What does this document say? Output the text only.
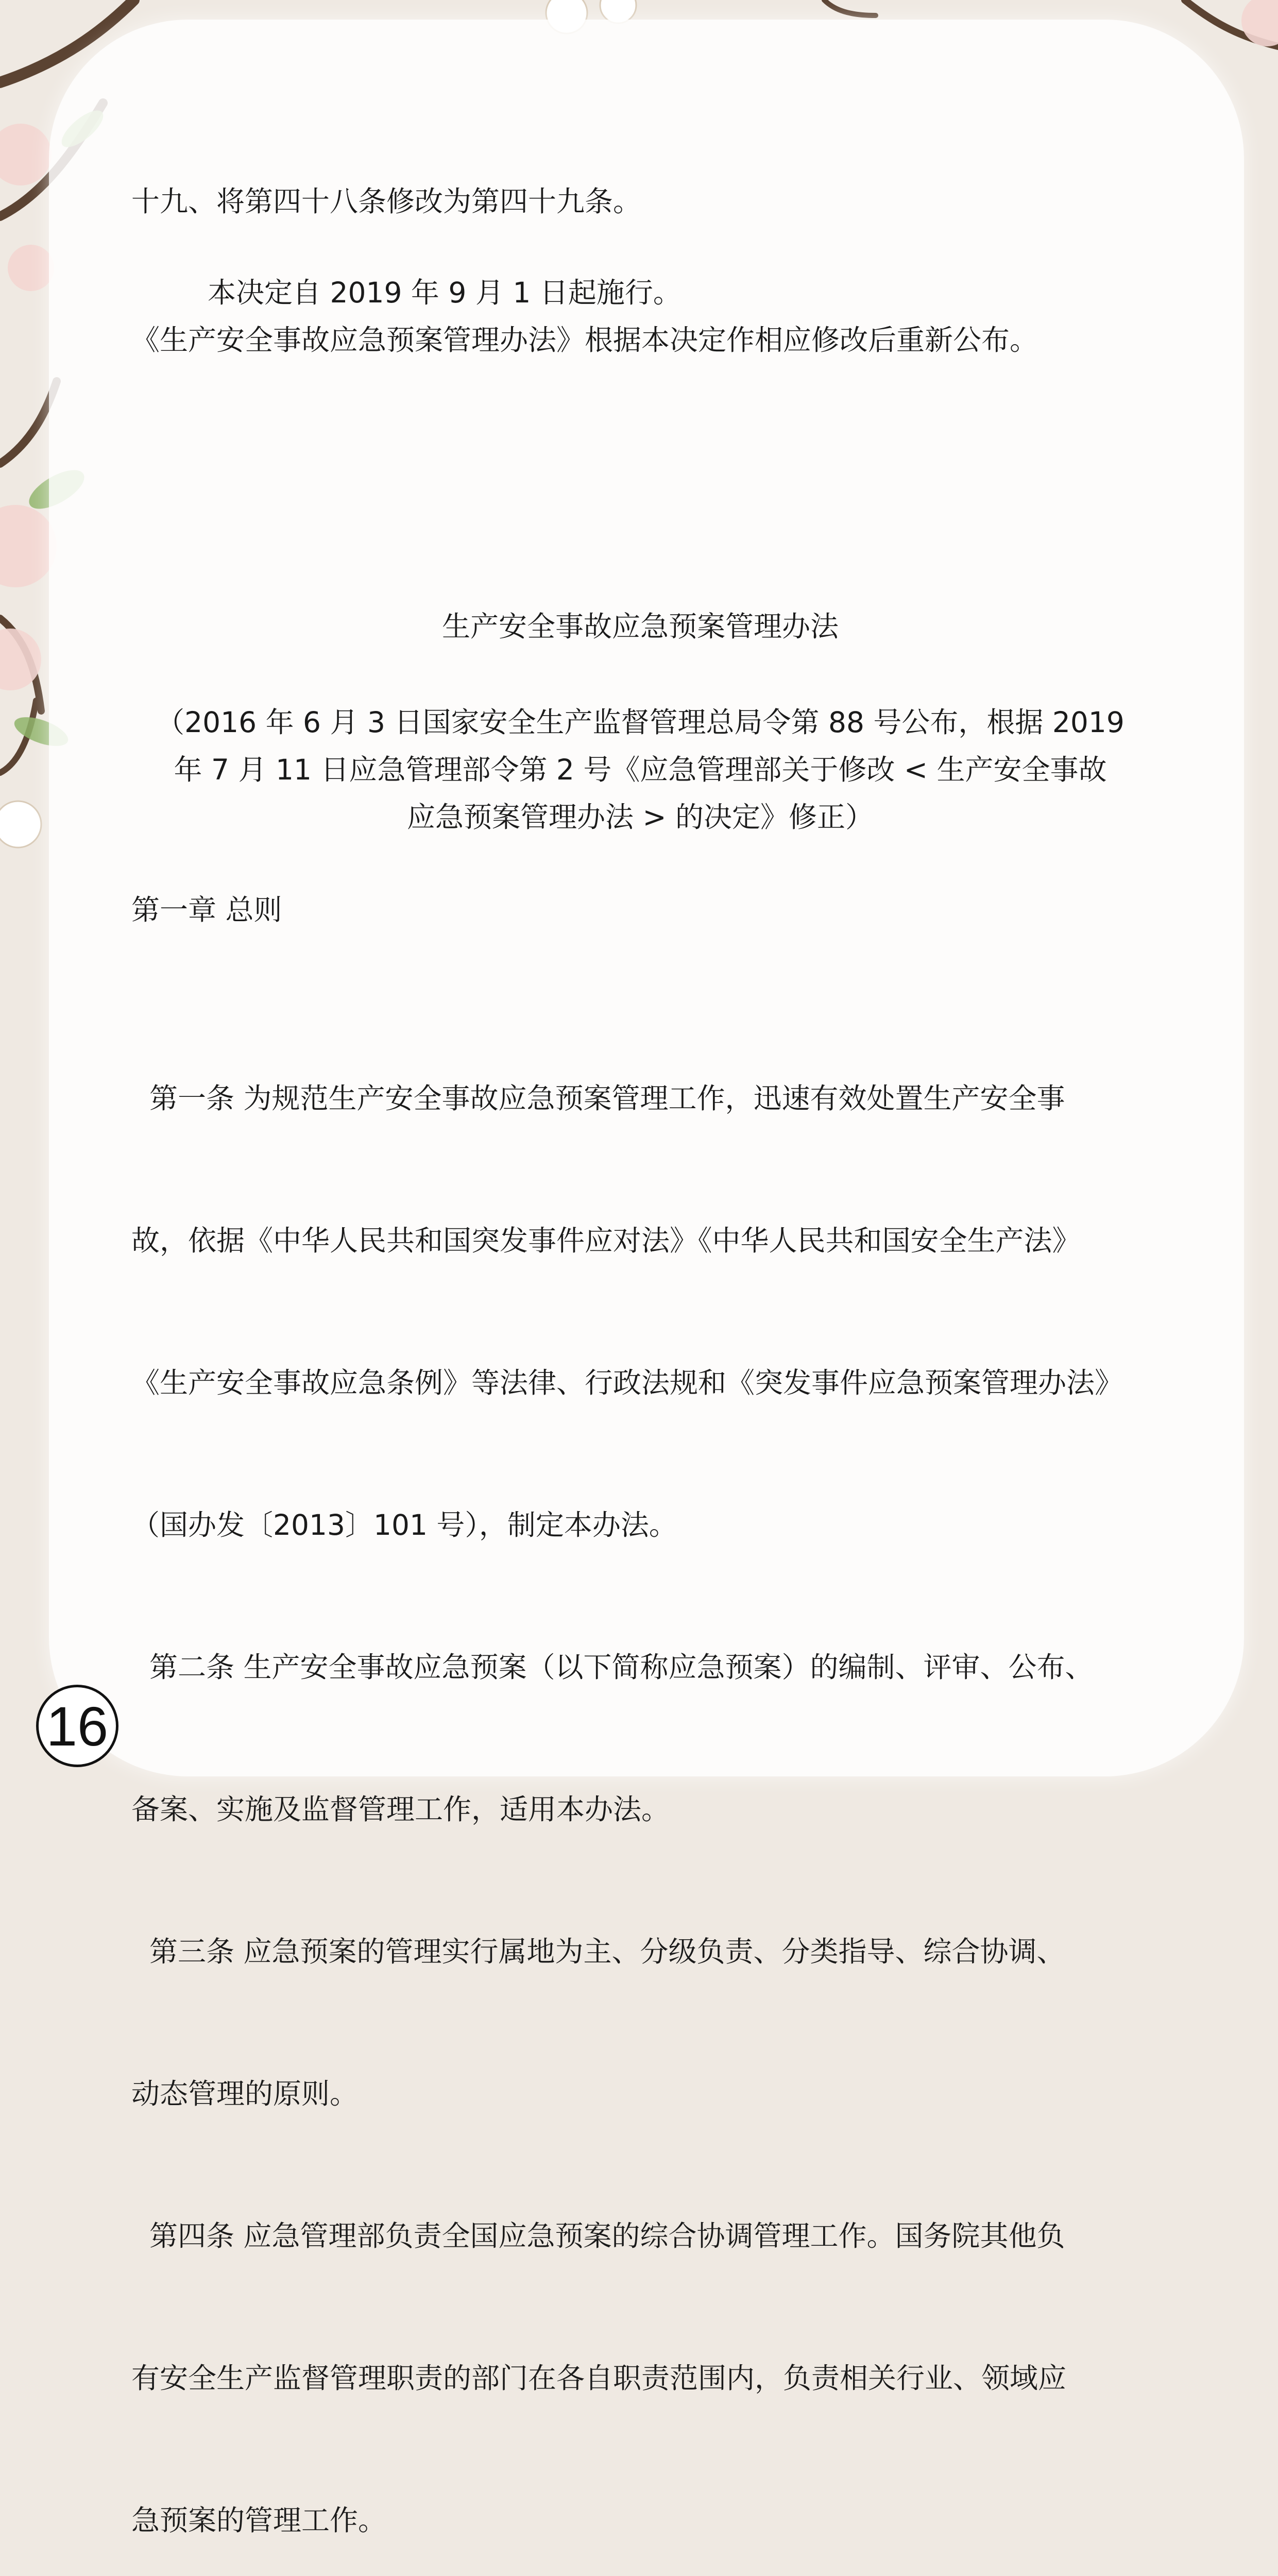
十九、将第四十八条修改为第四十九条。

本决定自 2019 年 9 月 1 日起施行。

《生产安全事故应急预案管理办法》根据本决定作相应修改后重新公布。

生产安全事故应急预案管理办法

（2016 年 6 月 3 日国家安全生产监督管理总局令第 88 号公布，根据 2019

年 7 月 11 日应急管理部令第 2 号《应急管理部关于修改 < 生产安全事故

应急预案管理办法 > 的决定》修正）

第一章 总则

第一条 为规范生产安全事故应急预案管理工作，迅速有效处置生产安全事

故，依据《中华人民共和国突发事件应对法》《中华人民共和国安全生产法》

《生产安全事故应急条例》等法律、行政法规和《突发事件应急预案管理办法》

（国办发〔2013〕101 号），制定本办法。

第二条 生产安全事故应急预案（以下简称应急预案）的编制、评审、公布、

备案、实施及监督管理工作，适用本办法。

第三条 应急预案的管理实行属地为主、分级负责、分类指导、综合协调、

动态管理的原则。

第四条 应急管理部负责全国应急预案的综合协调管理工作。国务院其他负

有安全生产监督管理职责的部门在各自职责范围内，负责相关行业、领域应

急预案的管理工作。

16
